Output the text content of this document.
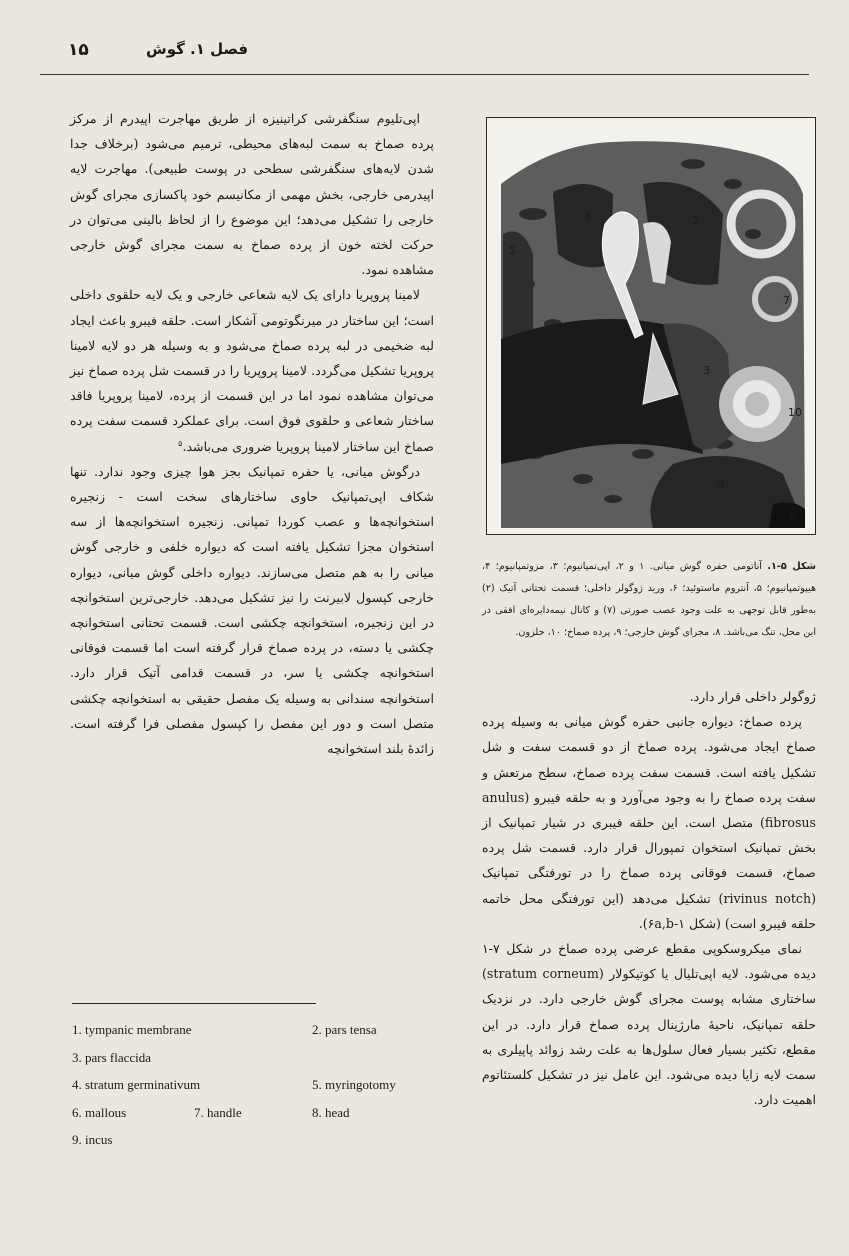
۱۵	فصل ۱. گوش

اپی‌تلیوم سنگفرشی کراتینیزه از طریق مهاجرت اپیدرم از مرکز پرده صماخ به سمت لبه‌های محیطی، ترمیم می‌شود (برخلاف جدا شدن لایه‌های سنگفرشی سطحی در پوست طبیعی). مهاجرت لایه اپیدرمی خارجی، بخش مهمی از مکانیسم خود پاکسازی مجرای گوش خارجی را تشکیل می‌دهد؛ این موضوع را از لحاظ بالینی می‌توان در حرکت لخته خون از پرده صماخ به سمت مجرای گوش خارجی مشاهده نمود.

لامینا پروپریا دارای یک لایه شعاعی خارجی و یک لایه حلقوی داخلی است؛ این ساختار در میرنگوتومی آشکار است. حلقه فیبرو باعث ایجاد لبه ضخیمی در لبه پرده صماخ می‌شود و به وسیله هر دو لایه لامینا پروپریا تشکیل می‌گردد. لامینا پروپریا را در قسمت شل پرده صماخ نیز می‌توان مشاهده نمود اما در این قسمت از پرده، لامینا پروپریا فاقد ساختار شعاعی و حلقوی فوق است. برای عملکرد قسمت سفت پرده صماخ این ساختار لامینا پروپریا ضروری می‌باشد.$^۵$

درگوش میانی، یا حفره تمپانیک بجز هوا چیزی وجود ندارد. تنها شکاف اپی‌تمپانیک حاوی ساختارهای سخت است - زنجیره استخوانچه‌ها و عصب کوردا تمپانی. زنجیره استخوانچه‌ها از سه استخوان مجزا تشکیل یافته است که دیواره خلفی و خارجی گوش میانی را به هم متصل می‌سازند. دیواره داخلی گوش میانی، دیواره خارجی کپسول لابیرنت را نیز تشکیل می‌دهد. خارجی‌ترین استخوانچه در این زنجیره، استخوانچه چکشی است. قسمت تحتانی استخوانچه چکشی یا دسته، در پرده صماخ قرار گرفته است اما قسمت فوقانی استخوانچه چکشی یا سر، در قسمت قدامی آتیک قرار دارد. استخوانچه سندانی به وسیله یک مفصل حقیقی به استخوانچه چکشی متصل است و دور این مفصل را کپسول مفصلی فرا گرفته است. زائدهٔ بلند استخوانچه

1	2
3
4
5
6
7
8
9
10
شکل ۵-۱. آناتومی حفره گوش میانی. ۱ و ۲، اپی‌تمپانیوم؛ ۳، مزوتمپانیوم؛ ۴، هیپوتمپانیوم؛ ۵، آنتروم ماستوئید؛ ۶، ورید ژوگولر داخلی؛ قسمت تحتانی آتیک (۲) به‌طور قابل توجهی به علت وجود عصب صورتی (۷) و کانال نیمه‌دایره‌ای افقی در این محل، تنگ می‌باشد. ۸، مجرای گوش خارجی؛ ۹، پرده صماخ؛ ۱۰، حلزون.

ژوگولر داخلی قرار دارد.

پرده صماخ: دیواره جانبی حفره گوش میانی به وسیله پرده صماخ ایجاد می‌شود. پرده صماخ از دو قسمت سفت و شل تشکیل یافته است. قسمت سفت پرده صماخ، سطح مرتعش و سفت پرده صماخ را به وجود می‌آورد و به حلقه فیبرو (anulus fibrosus) متصل است. این حلقه فیبری در شیار تمپانیک از بخش تمپانیک استخوان تمپورال قرار دارد. قسمت شل پرده صماخ، قسمت فوقانی پرده صماخ را در تورفتگی تمپانیک (rivinus notch) تشکیل می‌دهد (این تورفتگی محل خاتمه حلقه فیبرو است) (شکل ۶a,b-۱).

نمای میکروسکوپی مقطع عرضی پرده صماخ در شکل ۷-۱ دیده می‌شود. لایه اپی‌تلیال یا کوتیکولار (stratum corneum) ساختاری مشابه پوست مجرای گوش خارجی دارد. در نزدیک حلقه تمپانیک، ناحیهٔ مارژینال پرده صماخ قرار دارد. در این مقطع، تکثیر بسیار فعال سلول‌ها به علت رشد زوائد پاپیلری به سمت لایه زایا دیده می‌شود. این عامل نیز در تشکیل کلستئاتوم اهمیت دارد.

1. tympanic membrane	2. pars tensa
3. pars flaccida
4. stratum germinativum	5. myringotomy
6. mallous	7. handle	8. head
9. incus
